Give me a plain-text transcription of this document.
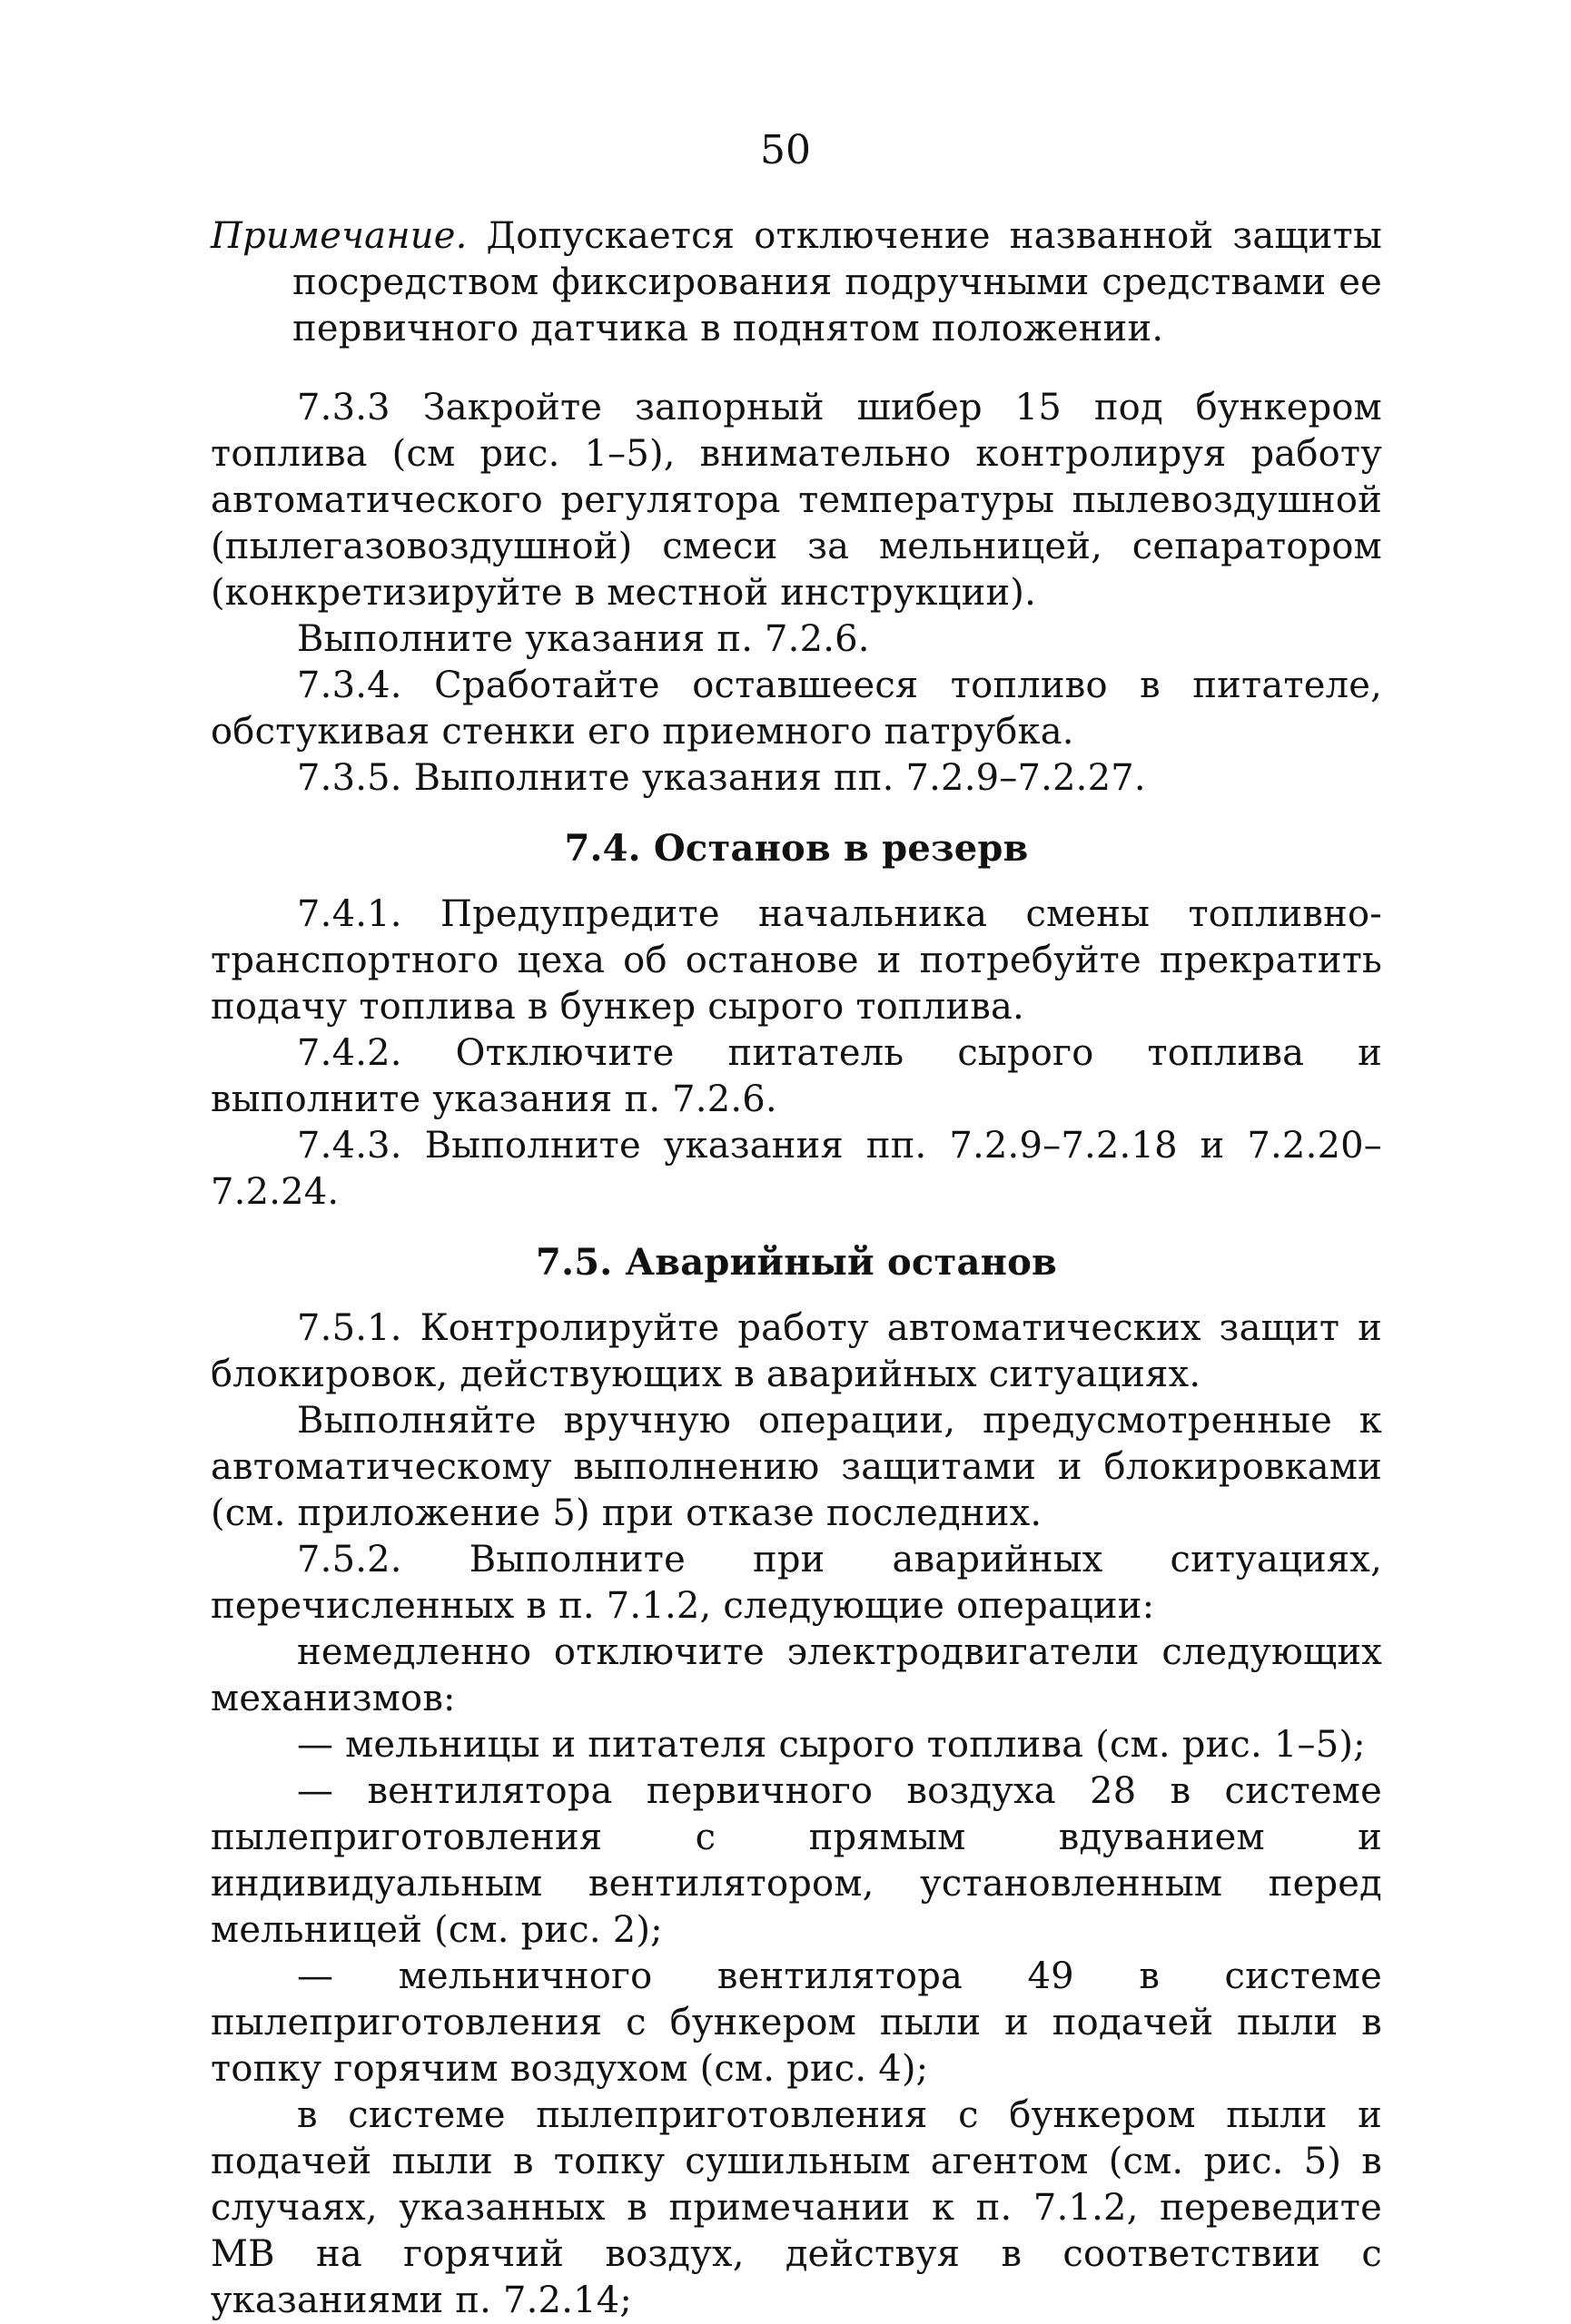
50

Примечание. Допускается отключение названной защиты посредством фиксирования подручными средствами ее первичного датчика в поднятом положении.

7.3.3 Закройте запорный шибер 15 под бункером топлива (см рис. 1–5), внимательно контролируя работу автоматического регулятора температуры пылевоздушной (пылегазовоздушной) смеси за мельницей, сепаратором (конкретизируйте в местной инструкции).

Выполните указания п. 7.2.6.

7.3.4. Сработайте оставшееся топливо в питателе, обстукивая стенки его приемного патрубка.

7.3.5. Выполните указания пп. 7.2.9–7.2.27.

7.4. Останов в резерв

7.4.1. Предупредите начальника смены топливно-транспортного цеха об останове и потребуйте прекратить подачу топлива в бункер сырого топлива.

7.4.2. Отключите питатель сырого топлива и выполните указания п. 7.2.6.

7.4.3. Выполните указания пп. 7.2.9–7.2.18 и 7.2.20–7.2.24.

7.5. Аварийный останов

7.5.1. Контролируйте работу автоматических защит и блокировок, действующих в аварийных ситуациях.

Выполняйте вручную операции, предусмотренные к автоматическому выполнению защитами и блокировками (см. приложение 5) при отказе последних.

7.5.2. Выполните при аварийных ситуациях, перечисленных в п. 7.1.2, следующие операции:

немедленно отключите электродвигатели следующих механизмов:

— мельницы и питателя сырого топлива (см. рис. 1–5);

— вентилятора первичного воздуха 28 в системе пылеприготовления с прямым вдуванием и индивидуальным вентилятором, установленным перед мельницей (см. рис. 2);

— мельничного вентилятора 49 в системе пылеприготовления с бункером пыли и подачей пыли в топку горячим воздухом (см. рис. 4);

в системе пылеприготовления с бункером пыли и подачей пыли в топку сушильным агентом (см. рис. 5) в случаях, указанных в примечании к п. 7.1.2, переведите МВ на горячий воздух, действуя в соответствии с указаниями п. 7.2.14;
